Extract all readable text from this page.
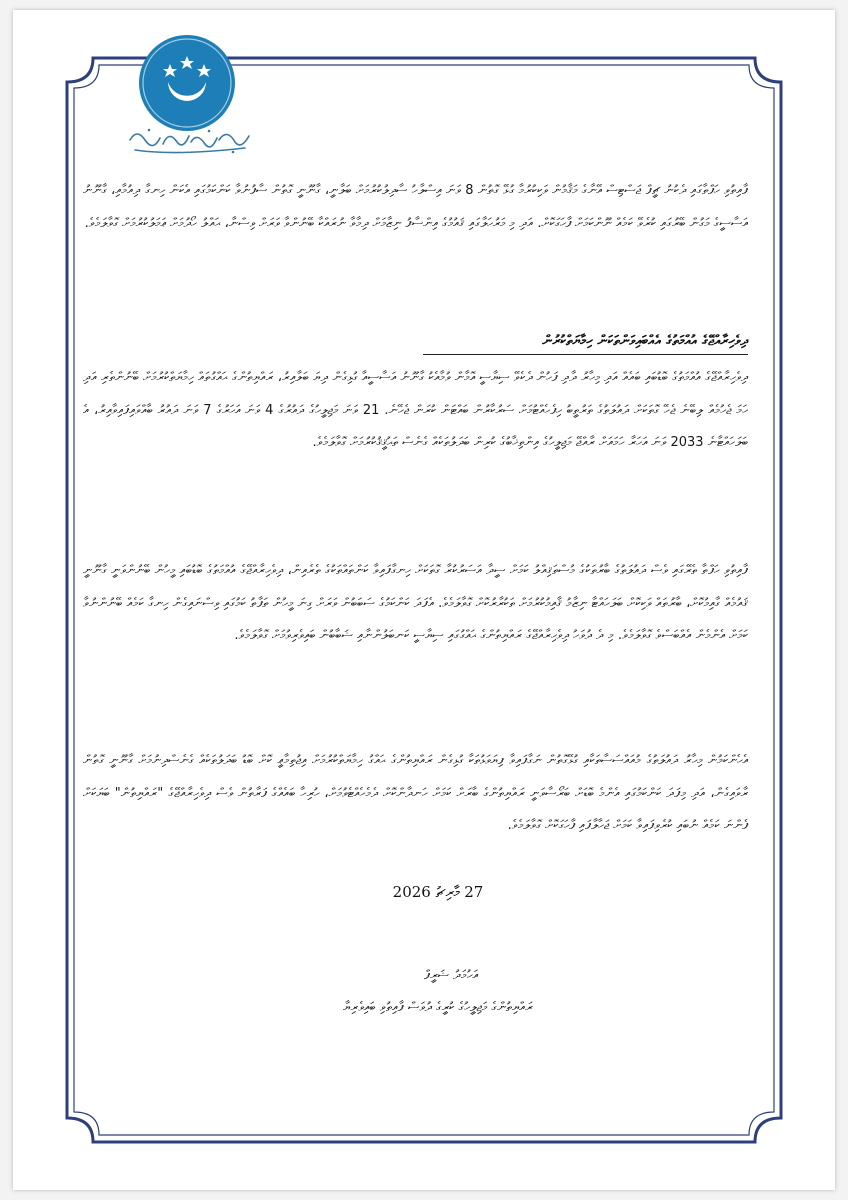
ފާއިތުވި ހަފްތާގައި ދެކުނު ޗީފް ޖަސްޓިސް އޭނާގެ މަޤާމުން ވަކިކުރުމާ ގުޅޭ ގޮތުން 8 ވަނަ އިސްލާހު ސާދިލުކުރުމަށް ބަލާނީ، ގާނޫނީ ގޮތުން ސާފުނުވާ ކަންކަމުގައި އެކަން ހިނގާ ދިއުމާއި، ގާނޫނު އަސާސީގެ މަގުން ބޭރުގައި ކުރެވޭ ކަމެއް ނޫންކަމަށް ފާހަގަކޮށް. އަދި މި މަރުހަލާގައި ޤައުމުގެ އިންސާފު ނިޒާމަށް ދިމާވާ ނުރައްކާ ބޭނުންވާ ވަރަށް ވިސްނާ، ޙައްލު ހޯދުމަށް ޢަމަލުކުރުމަށް ގޮވާލަމެވެ.

ދިވެހިރާއްޖޭގެ އުއްމަތުގެ އެއްބައިވަންތަކަން ހިމާޔަތްކުރުން

ދިވެހިރާއްޖޭގެ އުއްމަތުގެ ބޮޑުބައި ބައެއް އަދި މިހާރު ދާދި ފަހުން ދެކެވޭ ސިޔާސީ އޮމާން ވުމާއެކު ގާނޫނު އަސާސީއާ ގުޅިގެން ދިޔަ ބަލާއިރު، ރައްޔިތުންގެ ޙައްގުތައް ހިމާޔަތްކުރުމަށް ބޭނުންތެރި އަދި ހަމަ ޖެހުމެއް ލިބޭނެ ޖެހޭ ގޮތަކަށް ދައުލަތުގެ ތަރުތީބު ހިފެހެއްޓުމަށް ސަރުކާރުން ބައްޓަން ކުރަން ޖެހޭނެ. 21 ވަނަ މަޖިލީހުގެ ދައުރުގެ 4 ވަނަ އަހަރުގެ 7 ވަނަ ދައުރު ބާއްވައިފައިވާއިރު، އެ ބަލަހައްޓާނެ 2033 ވަނަ އަހަރާ ހަމައަށް ރާއްޖޭ މަޖިލީހުގެ އިންތިޚާބުގެ ކުރިން ބަދަލުތަކެއް ގެނެސް ތަޙުޤީޤުކުރުމަށް ގޮވާލަމެވެ.

ފާއިތުވި ހަފްތާ ތެރޭގައި ވެސް ދައުލަތުގެ ބާރުތަކުގެ މުސްތަޤިއްލު ކަމަށް ސީދާ އަސަރުކުރާ ގޮތަކަށް ހިނގާފައިވާ ކަންތައްތަކުގެ ތެރެއިން، ދިވެހިރާއްޖޭގެ އުއްމަތުގެ ބޮޑުބައި މީހުން ބޭނުންވަނީ ގާނޫނީ ޤައުމެއް ގާއިމުކޮށް، ބާރުތައް ވަކިކޮށް ބަލަހައްޓާ ނިޒާމު ޤާއިމުކުރުމަށް ތަކުރާރުކޮށް ގޮވާލަމެވެ. އެފަދަ ކަންކަމުގެ ސަބަބުން ވަރަށް ގިނަ މީހުން ތަފާތު ކަމުގައި ވިސްނައިގެން ހިނގާ ކަމެއް ބޭނުންނުވާ ކަމަށް އެންމެން އެއްބަސްވެ ގޮވާލަމެވެ. މި ދެ ދުވަހު ދިވެހިރާއްޖޭގެ ރައްޔިތުންގެ ޙައްގުގައި ސިޔާސީ ކަނބަލުންނާއި ޝަބާބުން ބައިވެރިވުމަށް ގޮވާލަމެވެ.

އެހެންކަމުން މިހާރު ދައުލަތުގެ މުއައްސަސާތަކާއި ގުޅޭގޮތުން ނަގާފައިވާ ފިޔަވަޅުތަކާ ގުޅިގެން ރައްޔިތުންގެ ޙައްގު ހިމާޔަތްކުރުމަށް އިޖުތިމާޢީ ކޮށް ބޮޑު ބަދަލުތަކެއް ގެނެސްދިނުމަށް ގާނޫނީ ގޮތުން ރާވައިގެން، އަދި މިފަދަ ކަންކަމުގައި އެންމެ ބޮޑަށް ބަރޯސާވަނީ ރައްޔިތުންގެ ބާރަށް ކަމަށް ހަނދާންކޮށް ދެމެހެއްޓެވުމަށް، ހުރިހާ ބައެއްގެ ފަރާތުން ވެސް ދިވެހިރާއްޖޭގެ "ރައްޔިތުން" ބަޔަކަށް ފެންނަ ކަމެއް ނުބައި ކުރެވިފައިވާ ކަމަށް ޖަހާލާފައި ފާހަގަކޮށް ގޮވާލަމެވެ.

27 މާރިޗު 2026
އަހުމަދު ޝަރީފް
ރައްޔިތުންގެ މަޖިލީހުގެ ކުރީގެ ދުވަސް ފާއިތުވި ބައިވެރިޔާ
